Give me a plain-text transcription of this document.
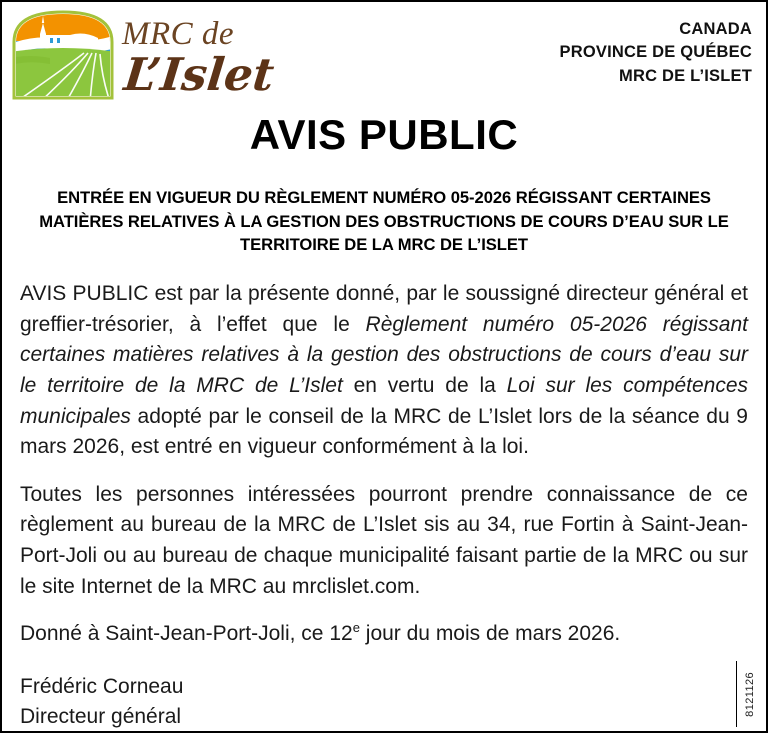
MRC de
L’Islet
CANADA
PROVINCE DE QUÉBEC
MRC DE L’ISLET
AVIS PUBLIC
ENTRÉE EN VIGUEUR DU RÈGLEMENT NUMÉRO 05-2026 RÉGISSANT CERTAINES MATIÈRES RELATIVES À LA GESTION DES OBSTRUCTIONS DE COURS D’EAU SUR LE TERRITOIRE DE LA MRC DE L’ISLET

AVIS PUBLIC est par la présente donné, par le soussigné directeur général et greffier-trésorier, à l’effet que le Règlement numéro 05-2026 régissant certaines matières relatives à la gestion des obstructions de cours d’eau sur le territoire de la MRC de L’Islet en vertu de la Loi sur les compétences municipales adopté par le conseil de la MRC de L’Islet lors de la séance du 9 mars 2026, est entré en vigueur conformément à la loi.

Toutes les personnes intéressées pourront prendre connaissance de ce règlement au bureau de la MRC de L’Islet sis au 34, rue Fortin à Saint-Jean-Port-Joli ou au bureau de chaque municipalité faisant partie de la MRC ou sur le site Internet de la MRC au mrclislet.com.

Donné à Saint-Jean-Port-Joli, ce 12e jour du mois de mars 2026.

Frédéric Corneau
Directeur général	8121126
